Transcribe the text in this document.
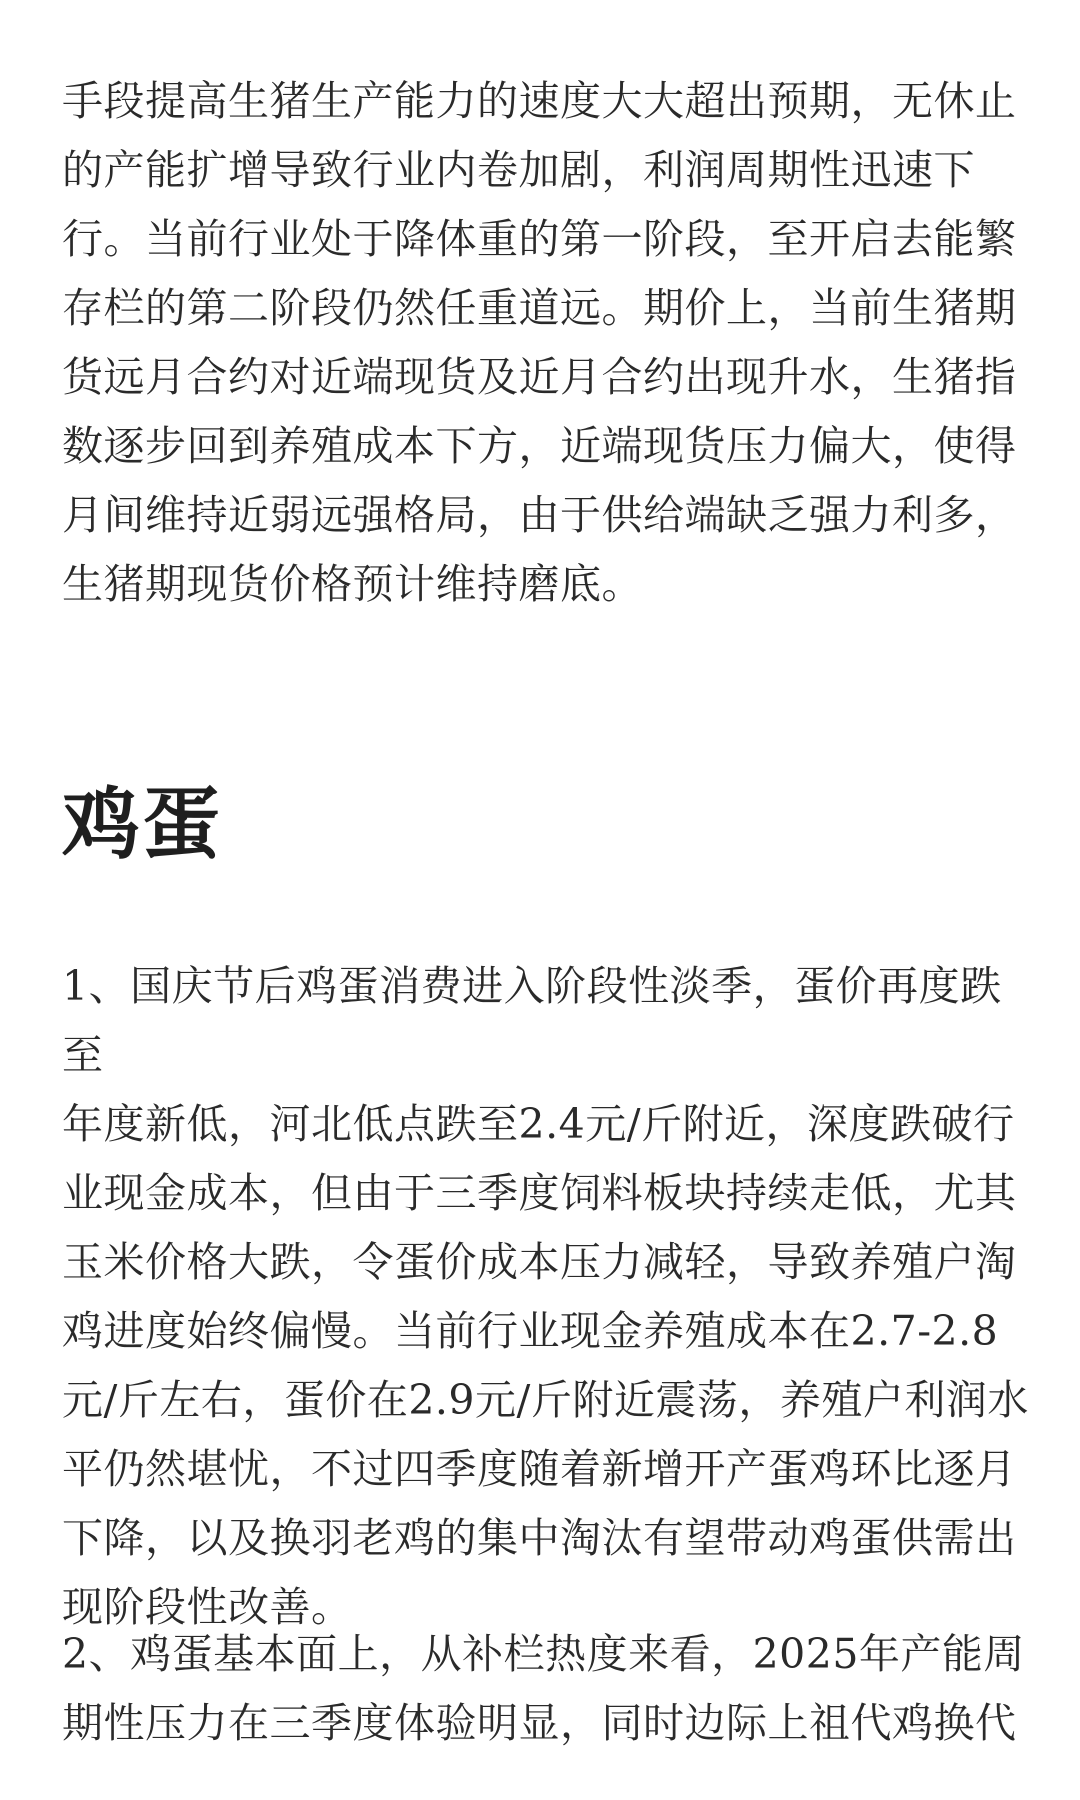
手段提高生猪生产能力的速度大大超出预期，无休止
的产能扩增导致行业内卷加剧，利润周期性迅速下
行。当前行业处于降体重的第一阶段，至开启去能繁
存栏的第二阶段仍然任重道远。期价上，当前生猪期
货远月合约对近端现货及近月合约出现升水，生猪指
数逐步回到养殖成本下方，近端现货压力偏大，使得
月间维持近弱远强格局，由于供给端缺乏强力利多，
生猪期现货价格预计维持磨底。

鸡蛋

1、国庆节后鸡蛋消费进入阶段性淡季，蛋价再度跌至
年度新低，河北低点跌至2.4元/斤附近，深度跌破行
业现金成本，但由于三季度饲料板块持续走低，尤其
玉米价格大跌，令蛋价成本压力减轻，导致养殖户淘
鸡进度始终偏慢。当前行业现金养殖成本在2.7-2.8
元/斤左右，蛋价在2.9元/斤附近震荡，养殖户利润水
平仍然堪忧，不过四季度随着新增开产蛋鸡环比逐月
下降，以及换羽老鸡的集中淘汰有望带动鸡蛋供需出
现阶段性改善。

2、鸡蛋基本面上，从补栏热度来看，2025年产能周
期性压力在三季度体验明显，同时边际上祖代鸡换代
